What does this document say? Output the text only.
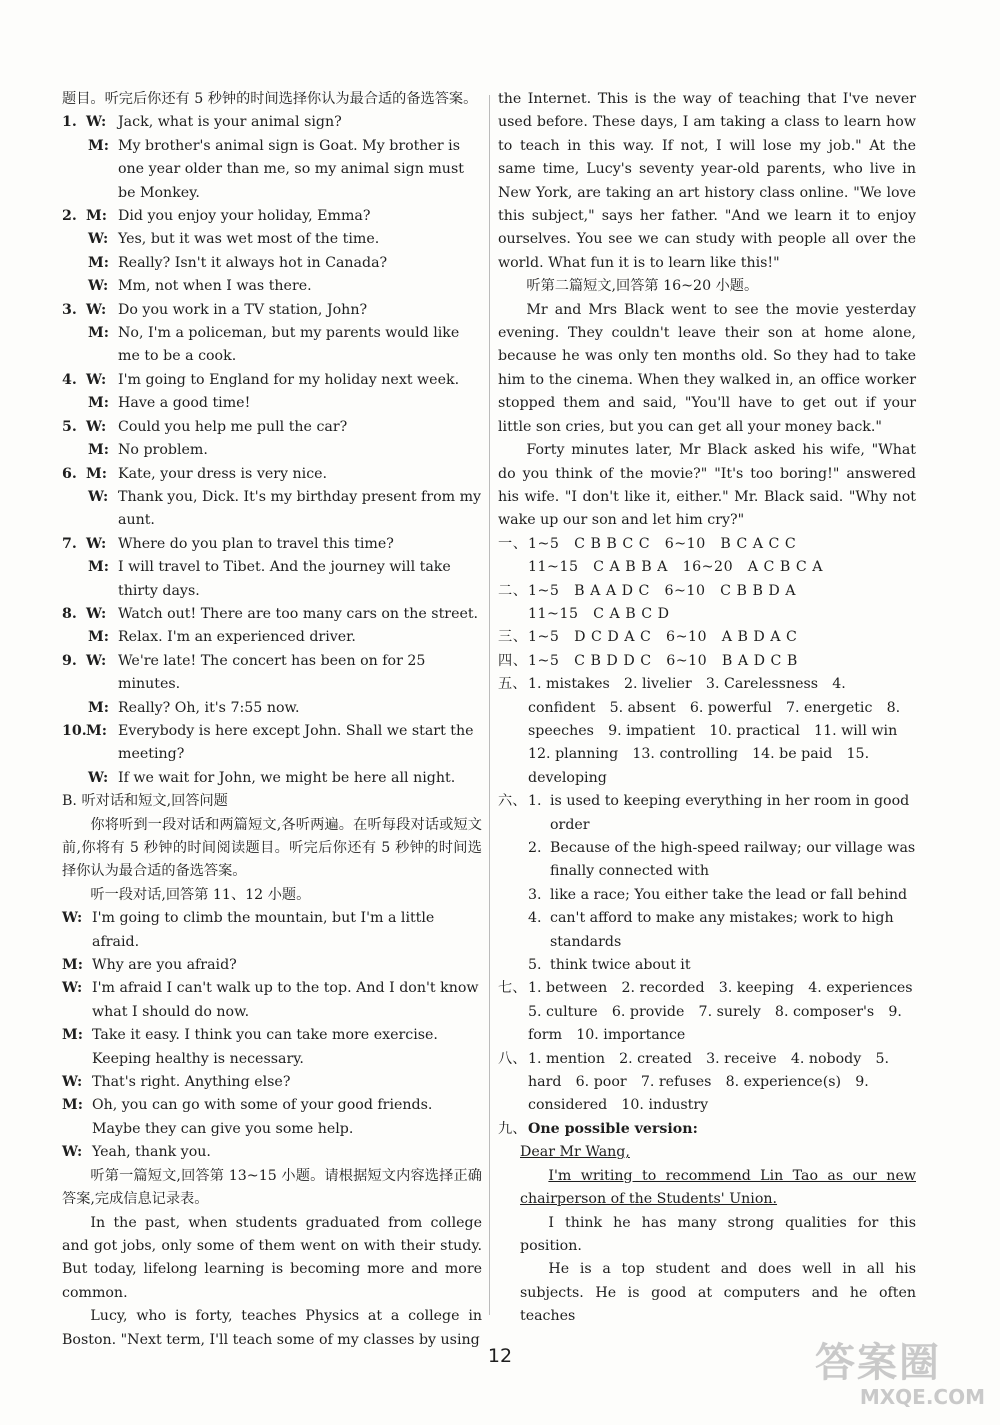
题目。听完后你还有 5 秒钟的时间选择你认为最合适的备选答案。

1. W: Jack, what is your animal sign?
M: My brother's animal sign is Goat. My brother is one year older than me, so my animal sign must be Monkey.
2. M: Did you enjoy your holiday, Emma?
W: Yes, but it was wet most of the time.
M: Really? Isn't it always hot in Canada?
W: Mm, not when I was there.
3. W: Do you work in a TV station, John?
M: No, I'm a policeman, but my parents would like me to be a cook.
4. W: I'm going to England for my holiday next week.
M: Have a good time!
5. W: Could you help me pull the car?
M: No problem.
6. M: Kate, your dress is very nice.
W: Thank you, Dick. It's my birthday present from my aunt.
7. W: Where do you plan to travel this time?
M: I will travel to Tibet. And the journey will take thirty days.
8. W: Watch out! There are too many cars on the street.
M: Relax. I'm an experienced driver.
9. W: We're late! The concert has been on for 25 minutes.
M: Really? Oh, it's 7:55 now.
10. M: Everybody is here except John. Shall we start the meeting?
W: If we wait for John, we might be here all night.

B. 听对话和短文,回答问题

你将听到一段对话和两篇短文,各听两遍。在听每段对话或短文前,你将有 5 秒钟的时间阅读题目。听完后你还有 5 秒钟的时间选择你认为最合适的备选答案。

听一段对话,回答第 11、12 小题。

W: I'm going to climb the mountain, but I'm a little afraid.
M: Why are you afraid?
W: I'm afraid I can't walk up to the top. And I don't know what I should do now.
M: Take it easy. I think you can take more exercise. Keeping healthy is necessary.
W: That's right. Anything else?
M: Oh, you can go with some of your good friends. Maybe they can give you some help.
W: Yeah, thank you.

听第一篇短文,回答第 13~15 小题。请根据短文内容选择正确答案,完成信息记录表。

In the past, when students graduated from college and got jobs, only some of them went on with their study. But today, lifelong learning is becoming more and more common.

Lucy, who is forty, teaches Physics at a college in Boston. "Next term, I'll teach some of my classes by using

the Internet. This is the way of teaching that I've never used before. These days, I am taking a class to learn how to teach in this way. If not, I will lose my job." At the same time, Lucy's seventy year-old parents, who live in New York, are taking an art history class online. "We love this subject," says her father. "And we learn it to enjoy ourselves. You see we can study with people all over the world. What fun it is to learn like this!"

听第二篇短文,回答第 16~20 小题。

Mr and Mrs Black went to see the movie yesterday evening. They couldn't leave their son at home alone, because he was only ten months old. So they had to take him to the cinema. When they walked in, an office worker stopped them and said, "You'll have to get out if your little son cries, but you can get all your money back."

Forty minutes later, Mr Black asked his wife, "What do you think of the movie?" "It's too boring!" answered his wife. "I don't like it, either." Mr. Black said. "Why not wake up our son and let him cry?"

一、 1~5　C B B C C　6~10　B C A C C
11~15　C A B B A　16~20　A C B C A
二、 1~5　B A A D C　6~10　C B B D A
11~15　C A B C D
三、 1~5　D C D A C　6~10　A B D A C
四、 1~5　C B D D C　6~10　B A D C B
五、 1. mistakes　2. livelier　3. Carelessness　4. confident　5. absent　6. powerful　7. energetic　8. speeches　9. impatient　10. practical　11. will win　12. planning　13. controlling　14. be paid　15. developing
六、 1. is used to keeping everything in her room in good order
2. Because of the high-speed railway; our village was finally connected with
3. like a race; You either take the lead or fall behind
4. can't afford to make any mistakes; work to high standards
5. think twice about it
七、 1. between　2. recorded　3. keeping　4. experiences　5. culture　6. provide　7. surely　8. composer's　9. form　10. importance
八、 1. mention　2. created　3. receive　4. nobody　5. hard　6. poor　7. refuses　8. experience(s)　9. considered　10. industry
九、 One possible version:

Dear Mr Wang,

I'm writing to recommend Lin Tao as our new chairperson of the Students' Union.

I think he has many strong qualities for this position.

He is a top student and does well in all his subjects. He is good at computers and he often teaches

12	答案圈
MXQE.COM
